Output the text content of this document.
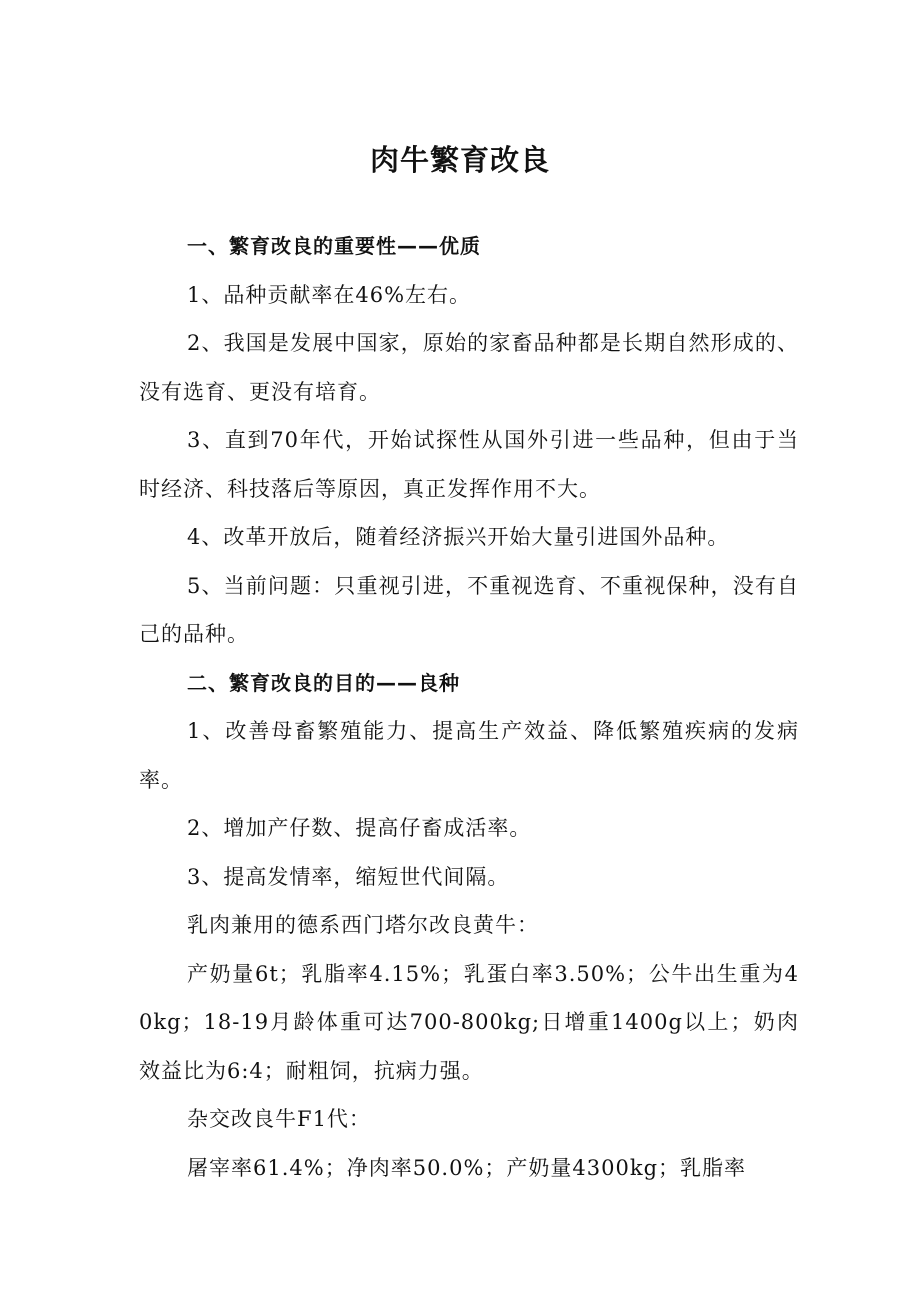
肉牛繁育改良

一、繁育改良的重要性——优质

1、品种贡献率在46%左右。

2、我国是发展中国家，原始的家畜品种都是长期自然形成的、没有选育、更没有培育。

3、直到70年代，开始试探性从国外引进一些品种，但由于当时经济、科技落后等原因，真正发挥作用不大。

4、改革开放后，随着经济振兴开始大量引进国外品种。

5、当前问题：只重视引进，不重视选育、不重视保种，没有自己的品种。

二、繁育改良的目的——良种

1、改善母畜繁殖能力、提高生产效益、降低繁殖疾病的发病率。

2、增加产仔数、提高仔畜成活率。

3、提高发情率，缩短世代间隔。

乳肉兼用的德系西门塔尔改良黄牛：

产奶量6t；乳脂率4.15%；乳蛋白率3.50%；公牛出生重为40kg；18-19月龄体重可达700-800kg;日增重1400g以上；奶肉效益比为6:4；耐粗饲，抗病力强。

杂交改良牛F1代：

屠宰率61.4%；净肉率50.0%；产奶量4300kg；乳脂率
